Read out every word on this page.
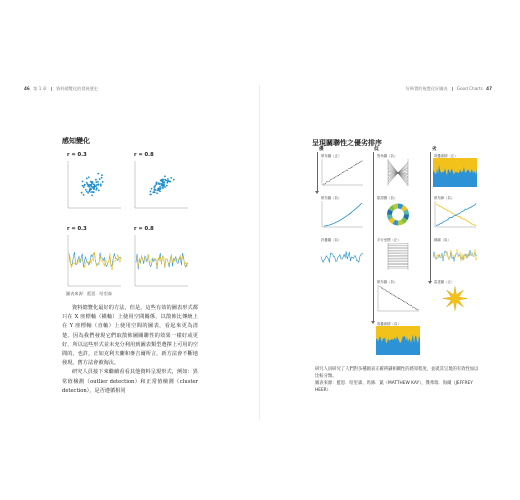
46 第 1 章 資料總覽化的發展歷史
感知變化
r = 0.3	r = 0.8
r = 0.3	r = 0.8
圖表來源：藍恩．哈里森

資料總覽化最好的方法，但是，這些有效的圖表形式都只在 X 座標軸（橫軸）上使用空間關係，以散佈比傳統上在 Y 座標軸（直軸）上使用空間的圖表，看起來更為清楚。因為我們發現它們取散佈圖關聯性的效果一樣好或更好，所以這些形式並未充分利用到圖表類型選擇上可用的空間的，也許，正如克利夫蘭和麥吉爾所言，新方法會不斷地發現，舊方法會被淘汰。

研究人員接下來繼續看看其他資料呈現形式，例如：異常值檢測（outlier detection）和正常值檢測（cluster detection），是否遵循相同

好佈置的視覺化好圖表 Good Charts 47
呈現關聯性之優劣排序
優	低	劣
散布圖（正）
散布圖（負）
折疊圖（負）
對角圖（負）
甜甜圈（負）
平行坐標（正）
散布圖（負）
堆疊面積（負）
堆疊面積（正）
散布線（負）
線圖（負）
雷達圖（正）
研究人員研究了人們對多種圖表正確辨識相關性的感知程度，並就其呈現的有效性加以
比較分類。
圖表來源：藍恩．哈里森、馬修．凱（MATTHEW KAY），傑弗瑞．海爾（JEFFREY
HEER）
